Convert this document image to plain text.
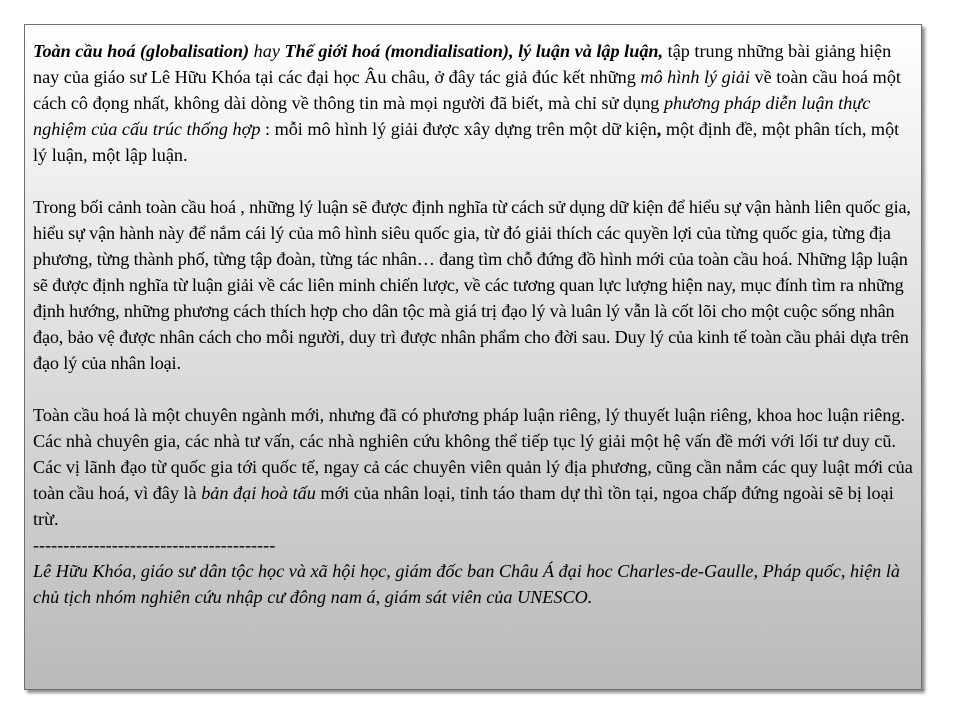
Toàn cầu hoá (globalisation) hay Thế giới hoá (mondialisation), lý luận và lập luận, tập trung những bài giảng hiện nay của giáo sư Lê Hữu Khóa tại các đại học Âu châu, ở đây tác giả đúc kết những mô hình lý giải về toàn cầu hoá một cách cô đọng nhất, không dài dòng về thông tin mà mọi người đã biết, mà chỉ sử dụng phương pháp diễn luận thực nghiệm của cấu trúc thống hợp : mỗi mô hình lý giải được xây dựng trên một dữ kiện, một định đề, một phân tích, một lý luận, một lập luận.

Trong bối cảnh toàn cầu hoá , những lý luận sẽ được định nghĩa từ cách sử dụng dữ kiện để hiểu sự vận hành liên quốc gia, hiểu sự vận hành này để nắm cái lý của mô hình siêu quốc gia, từ đó giải thích các quyền lợi của từng quốc gia, từng địa phương, từng thành phố, từng tập đoàn, từng tác nhân… đang tìm chỗ đứng đồ hình mới của toàn cầu hoá. Những lập luận sẽ được định nghĩa từ luận giải về các liên minh chiến lược, về các tương quan lực lượng hiện nay, mục đính tìm ra những định hướng, những phương cách thích hợp cho dân tộc mà giá trị đạo lý và luân lý vẫn là cốt lõi cho một cuộc sống nhân đạo, bảo vệ được nhân cách cho mỗi người, duy trì được nhân phẩm cho đời sau. Duy lý của kinh tế toàn cầu phải dựa trên đạo lý của nhân loại.

Toàn cầu hoá là một chuyên ngành mới, nhưng đã có phương pháp luận riêng, lý thuyết luận riêng, khoa hoc luận riêng. Các nhà chuyên gia, các nhà tư vấn, các nhà nghiên cứu không thể tiếp tục lý giải một hệ vấn đề mới với lối tư duy cũ. Các vị lãnh đạo từ quốc gia tới quốc tế, ngay cả các chuyên viên quản lý địa phương, cũng cần nắm các quy luật mới của toàn cầu hoá, vì đây là bản đại hoà tấu mới của nhân loại, tỉnh táo tham dự thì tồn tại, ngoa chấp đứng ngoài sẽ bị loại trừ.

----------------------------------------

Lê Hữu Khóa, giáo sư dân tộc học và xã hội học, giám đốc ban Châu Á đại hoc Charles-de-Gaulle, Pháp quốc, hiện là chủ tịch nhóm nghiên cứu nhập cư đông nam á, giám sát viên của UNESCO.
